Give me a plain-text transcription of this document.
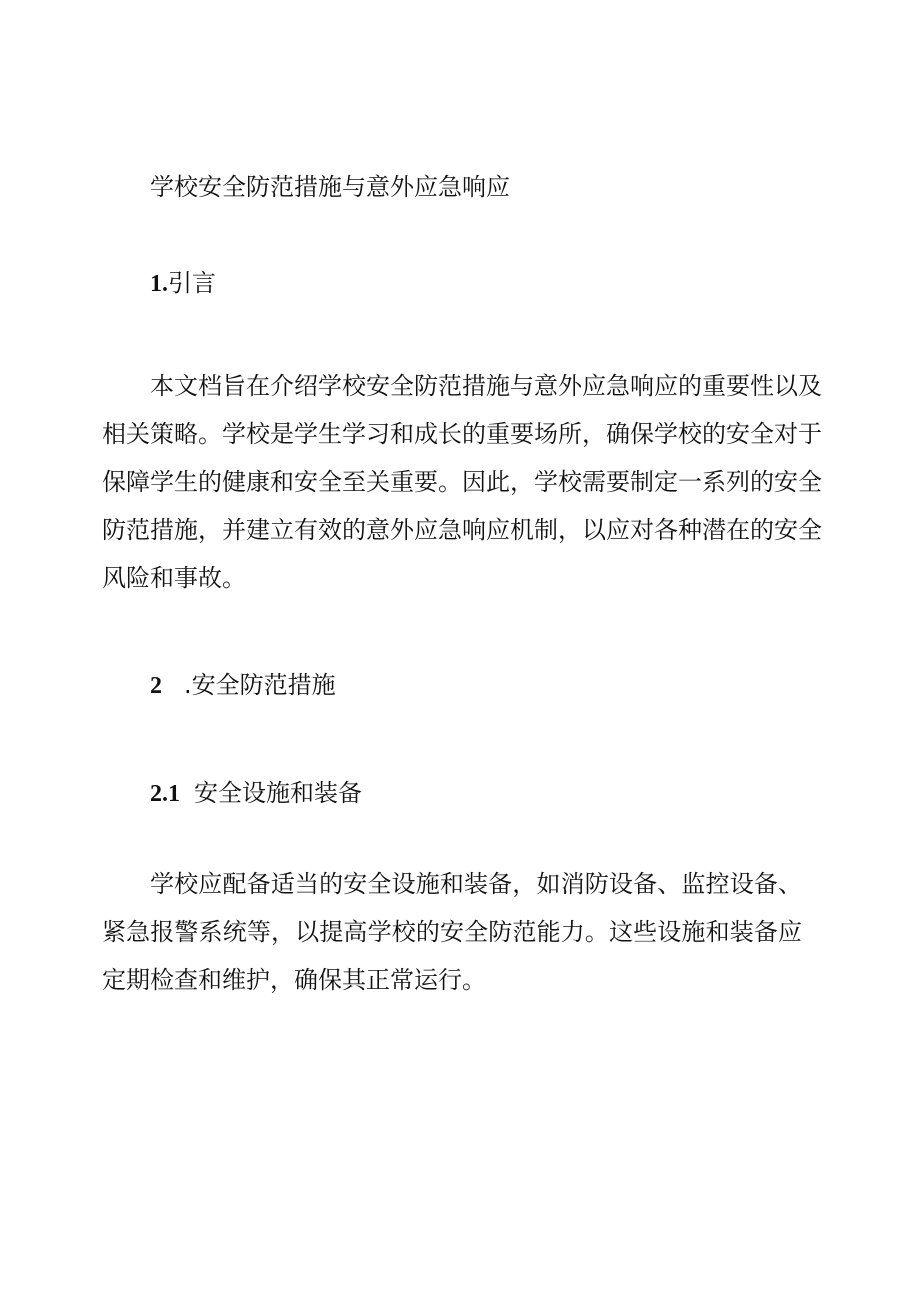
学校安全防范措施与意外应急响应
1.引言

本文档旨在介绍学校安全防范措施与意外应急响应的重要性以及相关策略。学校是学生学习和成长的重要场所，确保学校的安全对于保障学生的健康和安全至关重要。因此，学校需要制定一系列的安全防范措施，并建立有效的意外应急响应机制，以应对各种潜在的安全风险和事故。

2 .安全防范措施
2.1 安全设施和装备

学校应配备适当的安全设施和装备，如消防设备、监控设备、紧急报警系统等，以提高学校的安全防范能力。这些设施和装备应定期检查和维护，确保其正常运行。
